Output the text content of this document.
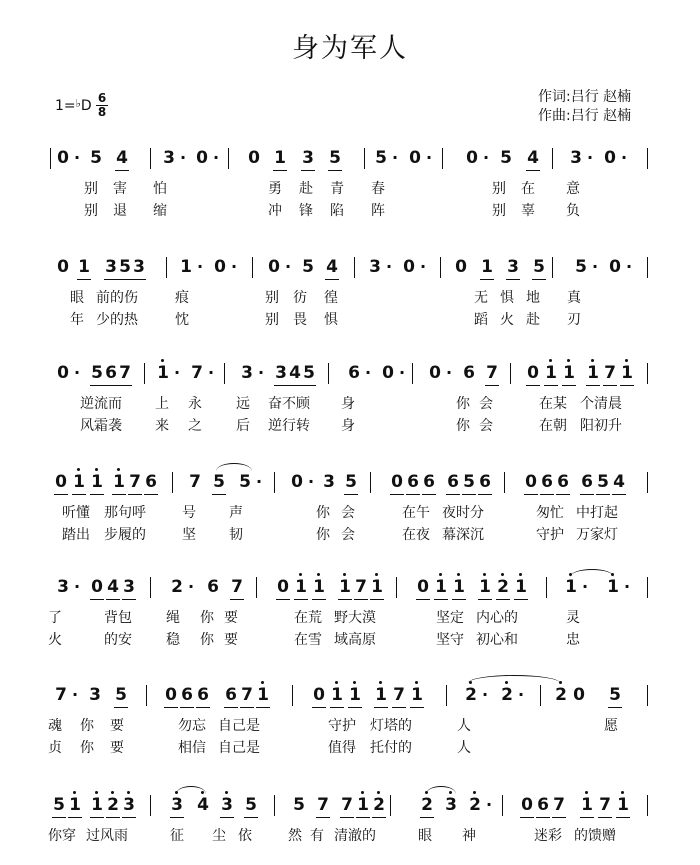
身为军人
作词:吕行 赵楠
作曲:吕行 赵楠
1=♭D 6
8
0 · 5 4 3 · 0 · 0 1 3 5 5 · 0 · 0 · 5 4 3 · 0 ·
别 害 怕	勇 赴 青 春	别 在 意
别 退 缩	冲 锋 陷 阵	别 辜 负
0 1 3 5 3 1 · 0 · 0 · 5 4 3 · 0 · 0 1 3 5 5 · 0 ·
眼 前的伤	痕	彷 徨
别	无 惧 地 真
年 少的热	忱	畏 惧
别	蹈 火 赴 刃
0 · 5 6 7 1 · 7 · 3 · 3 4 5 6 · 0 · 0 · 6 7 0 1 1 1 7 1
逆流而 上 永 远 奋不顾 身	你 会	在某 个清晨
风霜袭 来 之 后 逆行转 身	你 会	在朝 阳初升
0 1 1 1 7 6 7 5 5 · 0 · 3 5 0 6 6 6 5 6 0 6 6 6 5 4
听懂 那句呼	号 声	你 会	在午 夜时分	匆忙 中打起
踏出 步履的	坚 韧	你 会	在夜 幕深沉	守护 万家灯
3 · 0 4 3 2 · 6 7 0 1 1 1 7 1 0 1 1 1 2 1 1 · 1 ·
了	背包 绳 你 要	在荒 野大漠	坚定 内心的	灵
火	的安 稳 你 要	在雪 域高原	坚守 初心和	忠
7 · 3 5 0 6 6 6 7 1	0 1 1 1 7 1 2 · 2 · 2 0 5
魂 你 要	勿忘 自己是	守护 灯塔的	人	愿
贞 你 要	相信 自己是	值得 托付的	人
5 1 1 2 3 3 4 3 5 5 7 7 1 2 2 3 2 · 0 6 7 1 7 1
你穿 过风雨	征 尘 依	然 有 清澈的	眼 神	迷彩 的馈赠
